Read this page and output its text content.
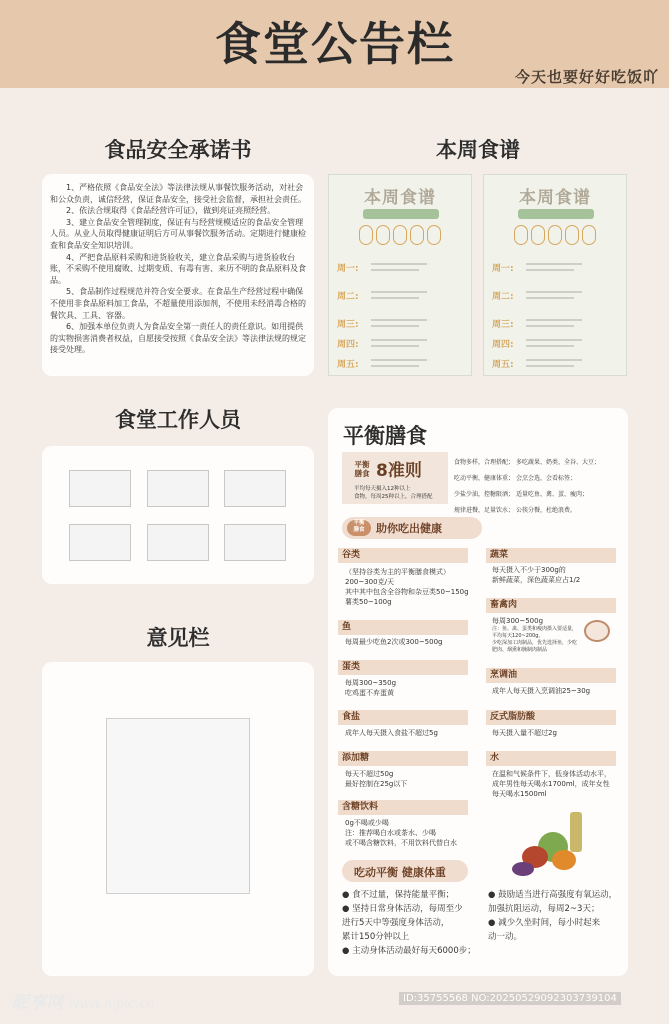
食堂公告栏
今天也要好好吃饭吖
食品安全承诺书

1、严格依照《食品安全法》等法律法规从事餐饮服务活动，对社会和公众负责，诚信经营，保证食品安全，接受社会监督，承担社会责任。

2、依法合规取得《食品经营许可证》，做到亮证亮照经营。

3、建立食品安全管理制度，保证有与经营规模适应的食品安全管理人员。从业人员取得健康证明后方可从事餐饮服务活动。定期进行健康检查和食品安全知识培训。

4、严把食品原料采购和进货验收关，建立食品采购与进货验收台账，不采购不使用腐败、过期变质、有毒有害、来历不明的食品原料及食品。

5、食品制作过程规范并符合安全要求。在食品生产经营过程中确保不使用非食品原料加工食品，不超量使用添加剂，不使用未经消毒合格的餐饮具、工具、容器。

6、加强本单位负责人为食品安全第一责任人的责任意识。如用提供的实物损害消费者权益，自愿接受按照《食品安全法》等法律法规的规定接受处理。

本周食谱
本周食谱
周一:
周二:
周三:
周四:
周五:
本周食谱
周一:
周二:
周三:
周四:
周五:
食堂工作人员
意见栏
平衡膳食
平衡
膳食 8准则
平均每天摄入12种以上
食物，每周25种以上，合理搭配
食物多样，合理搭配；
吃动平衡，健康体重；
少盐少油，控糖限酒；
规律进餐，足量饮水；
多吃蔬果、奶类、全谷、大豆；
会烹会选，会看标签；
适量吃鱼、禽、蛋、瘦肉；
公筷分餐，杜绝浪费。
平衡
膳食	助你吃出健康
谷类
（坚持谷类为主的平衡膳食模式）
200~300克/天
其中其中包含全谷物和杂豆类50~150g
薯类50~100g
鱼
每周最少吃鱼2次或300~500g
蛋类
每周300~350g
吃鸡蛋不弃蛋黄
食盐
成年人每天摄入食盐不超过5g
添加糖
每天不超过50g
最好控制在25g以下
含糖饮料
0g不喝或少喝
注：推荐喝白水或茶水、少喝
或不喝含糖饮料，不用饮料代替白水
蔬菜
每天摄入不少于300g的
新鲜蔬菜，深色蔬菜应占1/2
畜禽肉
每周300~500g
注：鱼、禽、蛋类和瘦肉摄入要适量，
平均每天120~200g。
少吃深加工肉制品，优先选择鱼，少吃
肥肉、烟熏和腌制肉制品
烹调油
成年人每天摄入烹调油25~30g
反式脂肪酸
每天摄入量不超过2g
水
在温和气候条件下，低身体活动水平，
成年男性每天喝水1700ml，成年女性
每天喝水1500ml
吃动平衡 健康体重
● 食不过量，保持能量平衡；
● 坚持日常身体活动，每周至少
进行5天中等强度身体活动，
累计150分钟以上
● 主动身体活动最好每天6000步；
● 鼓励适当进行高强度有氧运动，
加强抗阻运动，每周2~3天；
● 减少久坐时间，每小时起来
动一动。
昵享网 www.nipic.cn	ID:35755568 NO:20250529092303739104
